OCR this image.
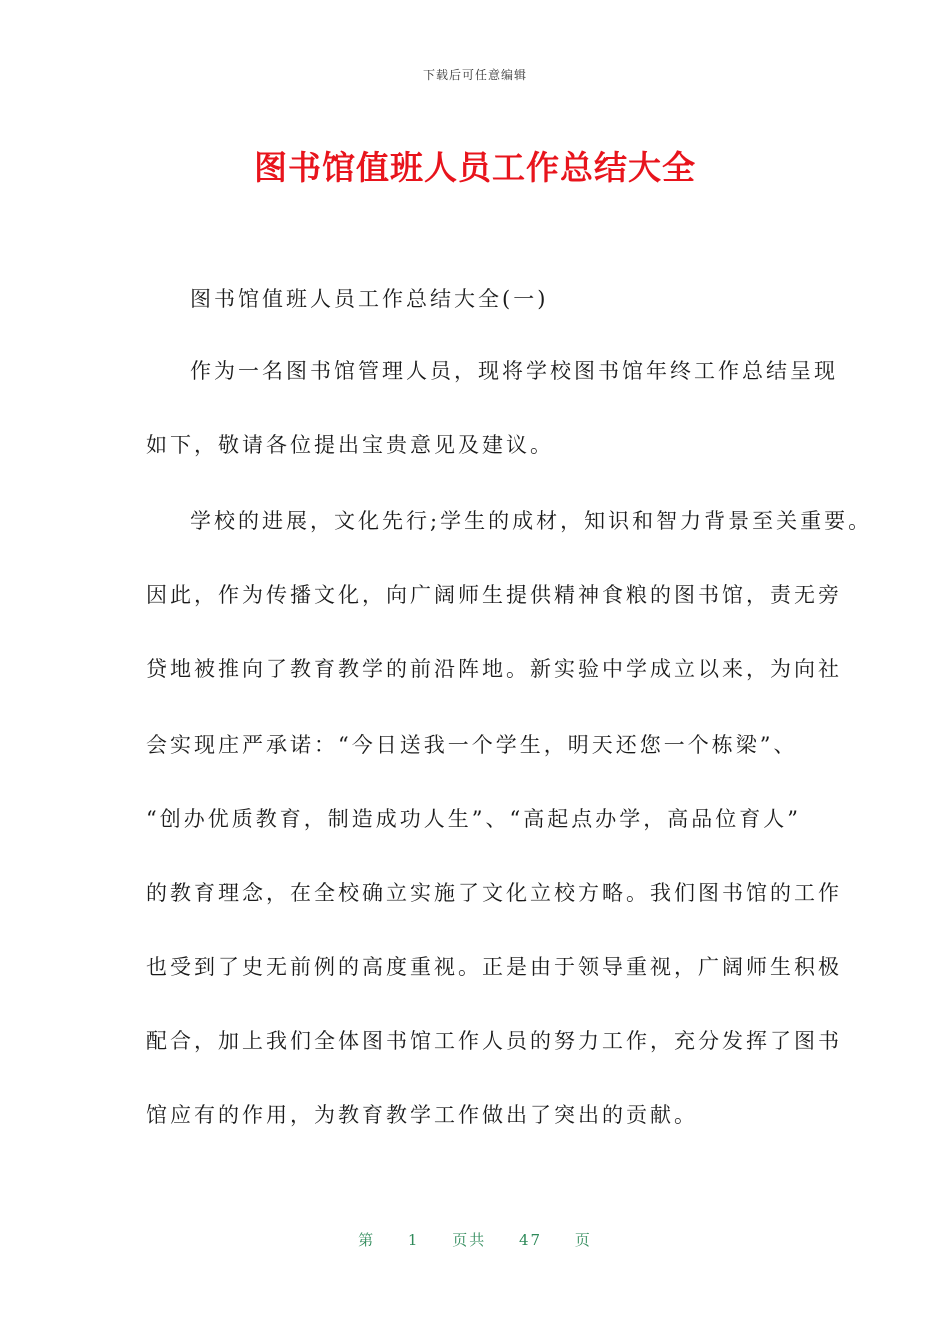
下载后可任意编辑
图书馆值班人员工作总结大全
图书馆值班人员工作总结大全(一)
作为一名图书馆管理人员，现将学校图书馆年终工作总结呈现
如下，敬请各位提出宝贵意见及建议。
学校的进展，文化先行;学生的成材，知识和智力背景至关重要。
因此，作为传播文化，向广阔师生提供精神食粮的图书馆，责无旁
贷地被推向了教育教学的前沿阵地。新实验中学成立以来，为向社
会实现庄严承诺：“今日送我一个学生，明天还您一个栋梁”、
“创办优质教育，制造成功人生”、“高起点办学，高品位育人”
的教育理念，在全校确立实施了文化立校方略。我们图书馆的工作
也受到了史无前例的高度重视。正是由于领导重视，广阔师生积极
配合，加上我们全体图书馆工作人员的努力工作，充分发挥了图书
馆应有的作用，为教育教学工作做出了突出的贡献。
第 1 页共 47 页
